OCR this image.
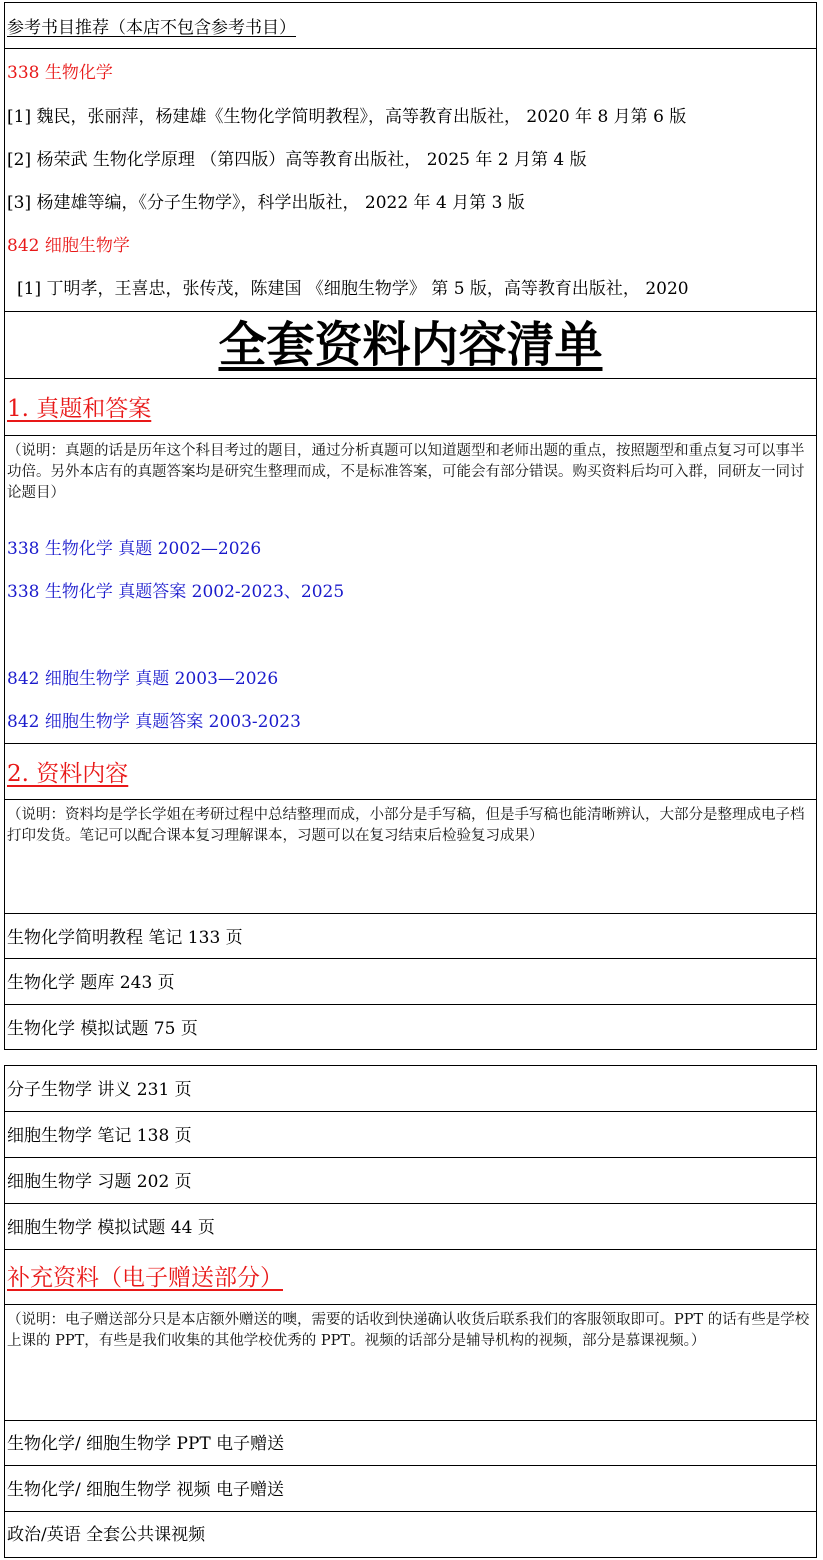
参考书目推荐（本店不包含参考书目）
338 生物化学
[1] 魏民，张丽萍，杨建雄《生物化学简明教程》，高等教育出版社， 2020 年 8 月第 6 版
[2] 杨荣武 生物化学原理 （第四版）高等教育出版社， 2025 年 2 月第 4 版
[3] 杨建雄等编，《分子生物学》，科学出版社， 2022 年 4 月第 3 版
842 细胞生物学
[1] 丁明孝，王喜忠，张传茂，陈建国 《细胞生物学》 第 5 版，高等教育出版社， 2020
全套资料内容清单
1. 真题和答案
（说明：真题的话是历年这个科目考过的题目，通过分析真题可以知道题型和老师出题的重点，按照题型和重点复习可以事半功倍。另外本店有的真题答案均是研究生整理而成，不是标准答案，可能会有部分错误。购买资料后均可入群，同研友一同讨论题目）
338 生物化学 真题 2002—2026
338 生物化学 真题答案 2002-2023、2025
842 细胞生物学 真题 2003—2026
842 细胞生物学 真题答案 2003-2023
2. 资料内容
（说明：资料均是学长学姐在考研过程中总结整理而成，小部分是手写稿，但是手写稿也能清晰辨认，大部分是整理成电子档打印发货。笔记可以配合课本复习理解课本，习题可以在复习结束后检验复习成果）
生物化学简明教程 笔记 133 页
生物化学 题库 243 页
生物化学 模拟试题 75 页
分子生物学 讲义 231 页
细胞生物学 笔记 138 页
细胞生物学 习题 202 页
细胞生物学 模拟试题 44 页
补充资料（电子赠送部分）
（说明：电子赠送部分只是本店额外赠送的噢，需要的话收到快递确认收货后联系我们的客服领取即可。PPT 的话有些是学校上课的 PPT，有些是我们收集的其他学校优秀的 PPT。视频的话部分是辅导机构的视频，部分是慕课视频。）
生物化学/ 细胞生物学 PPT 电子赠送
生物化学/ 细胞生物学 视频 电子赠送
政治/英语 全套公共课视频
